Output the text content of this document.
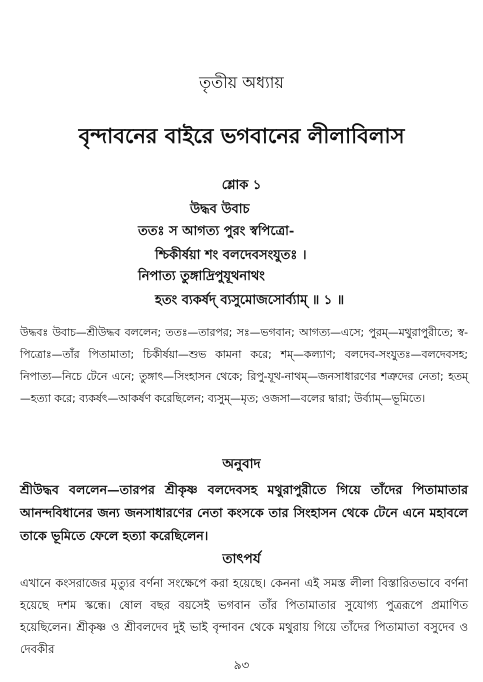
তৃতীয় অধ্যায়
বৃন্দাবনের বাইরে ভগবানের লীলাবিলাস
শ্লোক ১
উদ্ধব উবাচ
ততঃ স আগত্য পুরং স্বপিত্রো-
শ্চিকীর্ষয়া শং বলদেবসংযুতঃ ।
নিপাত্য তুঙ্গাদ্রিপুযূথনাথং
হতং ব্যকর্ষদ্ ব্যসুমোজসোর্ব্যাম্ ॥ ১ ॥
উদ্ধবঃ উবাচ—শ্রীউদ্ধব বললেন; ততঃ—তারপর; সঃ—ভগবান; আগত্য—এসে; পুরম্—মথুরাপুরীতে; স্ব-পিত্রোঃ—তাঁর পিতামাতা; চিকীর্ষয়া—শুভ কামনা করে; শম্—কল্যাণ; বলদেব-সংযুতঃ—বলদেবসহ; নিপাত্য—নিচে টেনে এনে; তুঙ্গাৎ—সিংহাসন থেকে; রিপু-যূথ-নাথম্—জনসাধারণের শত্রুদের নেতা; হতম্—হত্যা করে; ব্যকর্ষৎ—আকর্ষণ করেছিলেন; ব্যসুম্—মৃত; ওজসা—বলের দ্বারা; উর্ব্যাম্—ভূমিতে।
অনুবাদ
শ্রীউদ্ধব বললেন—তারপর শ্রীকৃষ্ণ বলদেবসহ মথুরাপুরীতে গিয়ে তাঁদের পিতামাতার আনন্দবিধানের জন্য জনসাধারণের নেতা কংসকে তার সিংহাসন থেকে টেনে এনে মহাবলে তাকে ভূমিতে ফেলে হত্যা করেছিলেন।
তাৎপর্য
এখানে কংসরাজের মৃত্যুর বর্ণনা সংক্ষেপে করা হয়েছে। কেননা এই সমস্ত লীলা বিস্তারিতভাবে বর্ণনা হয়েছে দশম স্কন্ধে। ষোল বছর বয়সেই ভগবান তাঁর পিতামাতার সুযোগ্য পুত্ররূপে প্রমাণিত হয়েছিলেন। শ্রীকৃষ্ণ ও শ্রীবলদেব দুই ভাই বৃন্দাবন থেকে মথুরায় গিয়ে তাঁদের পিতামাতা বসুদেব ও দেবকীর
৯৩
